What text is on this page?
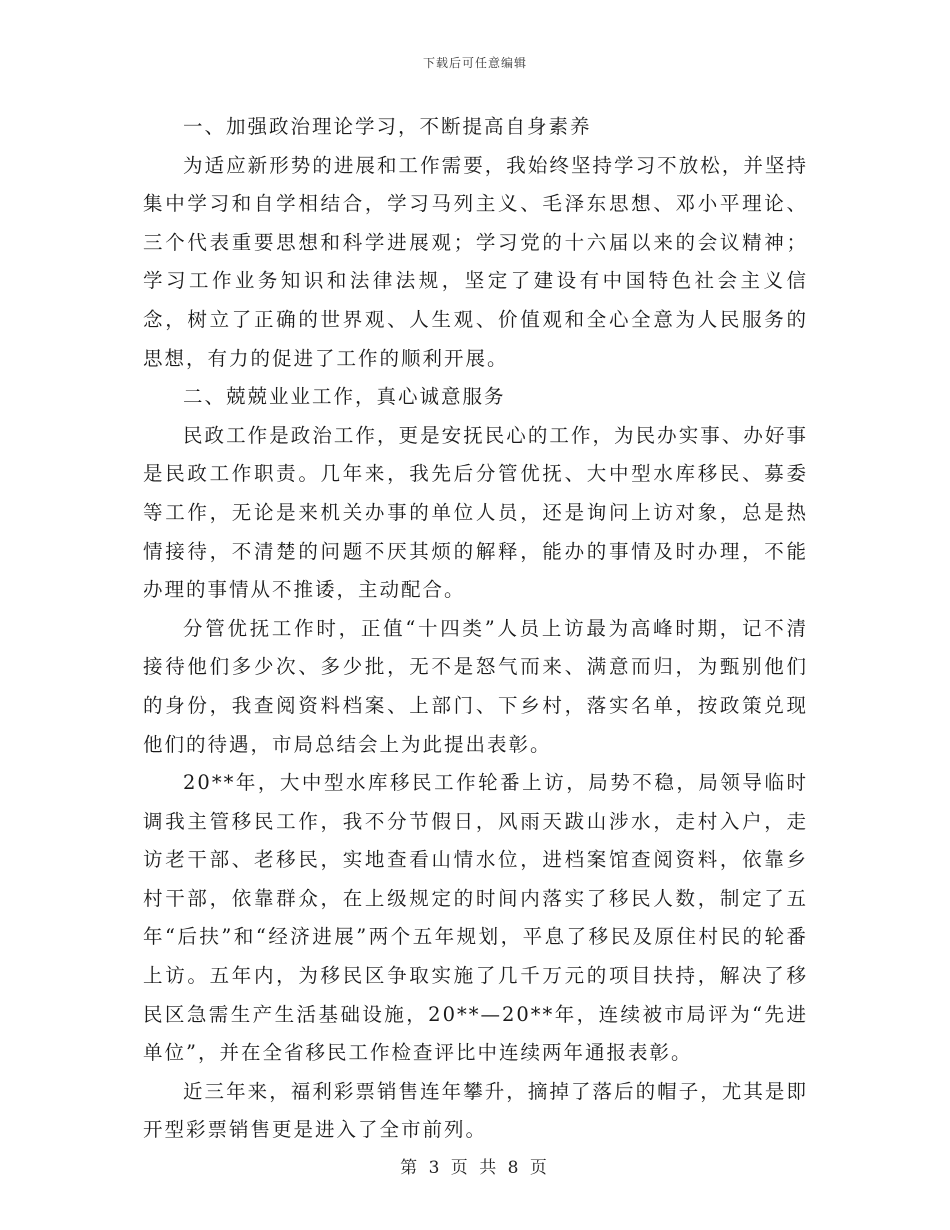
下载后可任意编辑

一、加强政治理论学习，不断提高自身素养

为适应新形势的进展和工作需要，我始终坚持学习不放松，并坚持集中学习和自学相结合，学习马列主义、毛泽东思想、邓小平理论、三个代表重要思想和科学进展观；学习党的十六届以来的会议精神；学习工作业务知识和法律法规，坚定了建设有中国特色社会主义信念，树立了正确的世界观、人生观、价值观和全心全意为人民服务的思想，有力的促进了工作的顺利开展。

二、兢兢业业工作，真心诚意服务

民政工作是政治工作，更是安抚民心的工作，为民办实事、办好事是民政工作职责。几年来，我先后分管优抚、大中型水库移民、募委等工作，无论是来机关办事的单位人员，还是询问上访对象，总是热情接待，不清楚的问题不厌其烦的解释，能办的事情及时办理，不能办理的事情从不推诿，主动配合。

分管优抚工作时，正值“十四类”人员上访最为高峰时期，记不清接待他们多少次、多少批，无不是怒气而来、满意而归，为甄别他们的身份，我查阅资料档案、上部门、下乡村，落实名单，按政策兑现他们的待遇，市局总结会上为此提出表彰。

20**年，大中型水库移民工作轮番上访，局势不稳，局领导临时调我主管移民工作，我不分节假日，风雨天跋山涉水，走村入户，走访老干部、老移民，实地查看山情水位，进档案馆查阅资料，依靠乡村干部，依靠群众，在上级规定的时间内落实了移民人数，制定了五年“后扶”和“经济进展”两个五年规划，平息了移民及原住村民的轮番上访。五年内，为移民区争取实施了几千万元的项目扶持，解决了移民区急需生产生活基础设施，20**—20**年，连续被市局评为“先进单位”，并在全省移民工作检查评比中连续两年通报表彰。

近三年来，福利彩票销售连年攀升，摘掉了落后的帽子，尤其是即开型彩票销售更是进入了全市前列。

第 3 页 共 8 页
